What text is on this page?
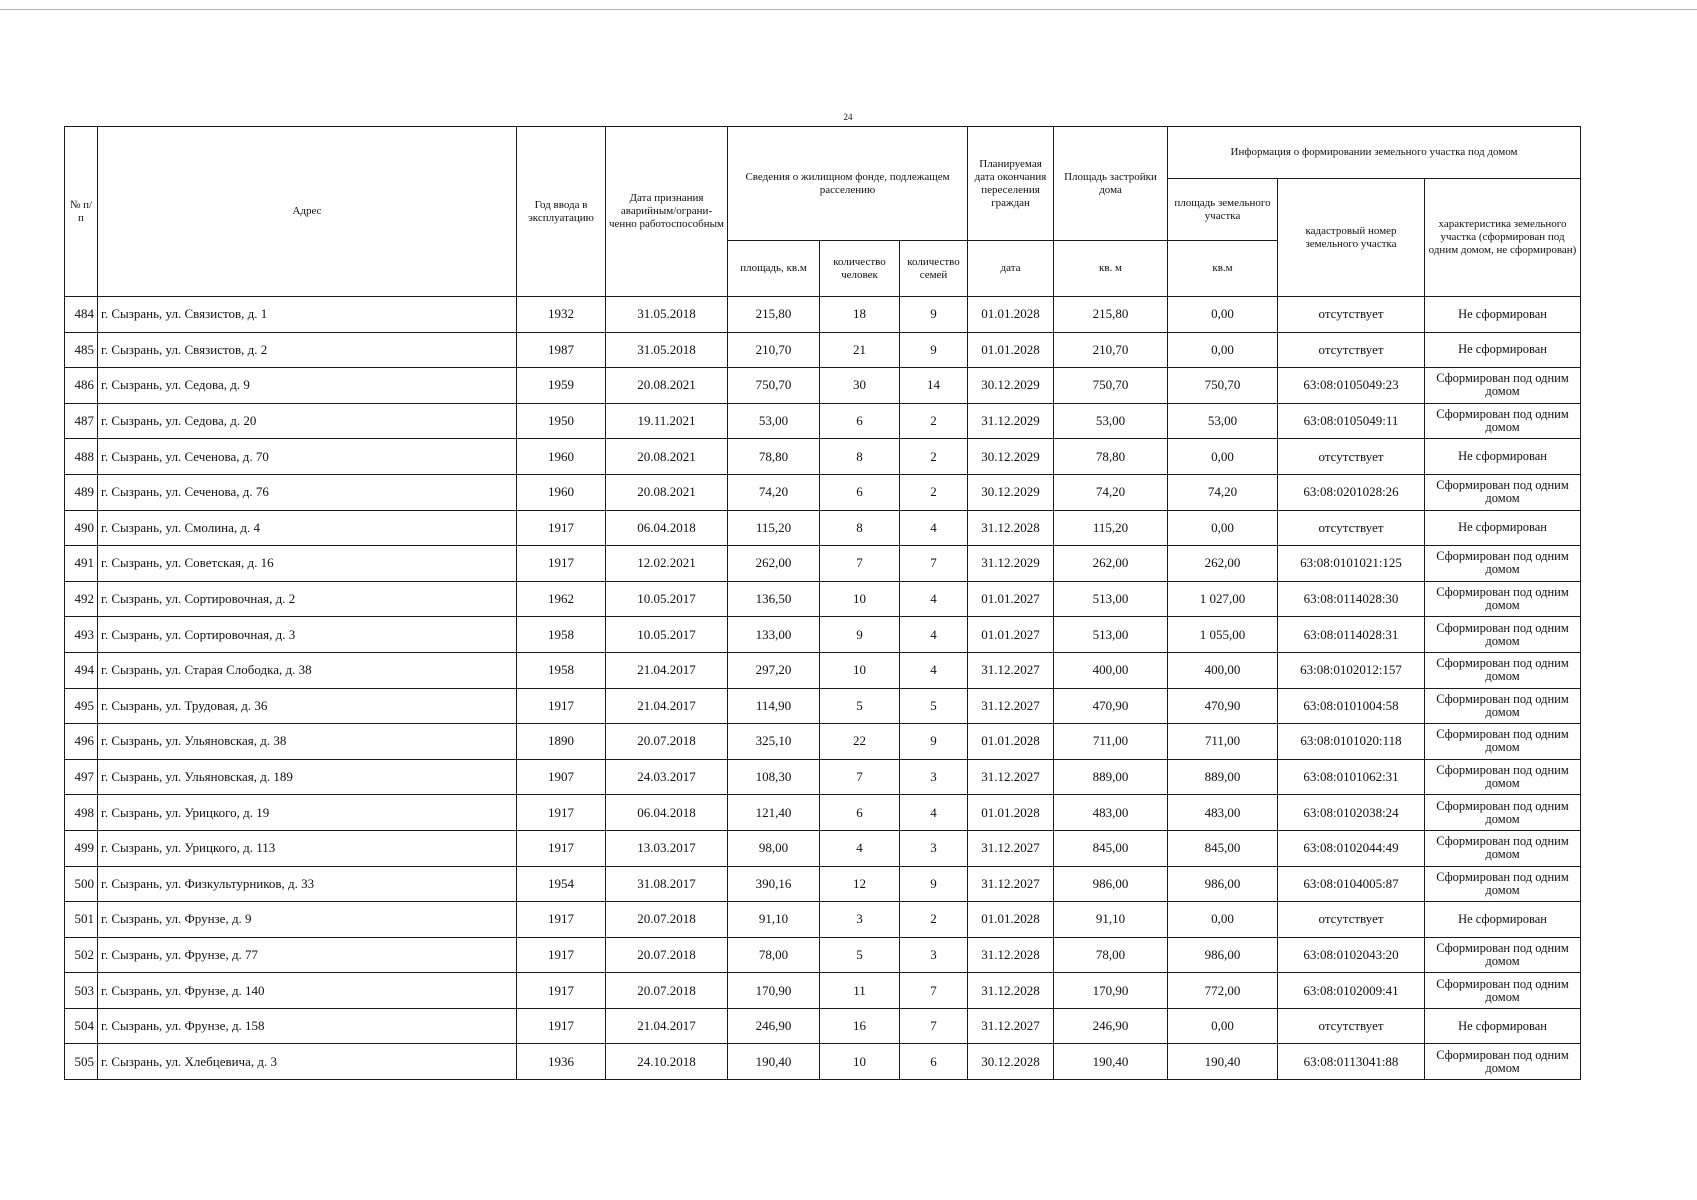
24
№ п/п	Адрес	Год ввода в эксплуатацию	Дата признания аварийным/ограни-ченно работоспособным	Сведения о жилищном фонде, подлежащем расселению			Планируемая дата окончания переселения граждан	Площадь застройки дома	Информация о формировании земельного участка под домом		
									площадь земельного участка	кадастровый номер земельного участка	характеристика земельного участка (сформирован под одним домом, не сформирован)
				площадь, кв.м	количество человек	количество семей	дата	кв. м	кв.м		
484	г. Сызрань, ул. Связистов, д. 1	1932	31.05.2018	215,80	18	9	01.01.2028	215,80	0,00	отсутствует	Не сформирован
485	г. Сызрань, ул. Связистов, д. 2	1987	31.05.2018	210,70	21	9	01.01.2028	210,70	0,00	отсутствует	Не сформирован
486	г. Сызрань, ул. Седова, д. 9	1959	20.08.2021	750,70	30	14	30.12.2029	750,70	750,70	63:08:0105049:23	Сформирован под одним домом
487	г. Сызрань, ул. Седова, д. 20	1950	19.11.2021	53,00	6	2	31.12.2029	53,00	53,00	63:08:0105049:11	Сформирован под одним домом
488	г. Сызрань, ул. Сеченова, д. 70	1960	20.08.2021	78,80	8	2	30.12.2029	78,80	0,00	отсутствует	Не сформирован
489	г. Сызрань, ул. Сеченова, д. 76	1960	20.08.2021	74,20	6	2	30.12.2029	74,20	74,20	63:08:0201028:26	Сформирован под одним домом
490	г. Сызрань, ул. Смолина, д. 4	1917	06.04.2018	115,20	8	4	31.12.2028	115,20	0,00	отсутствует	Не сформирован
491	г. Сызрань, ул. Советская, д. 16	1917	12.02.2021	262,00	7	7	31.12.2029	262,00	262,00	63:08:0101021:125	Сформирован под одним домом
492	г. Сызрань, ул. Сортировочная, д. 2	1962	10.05.2017	136,50	10	4	01.01.2027	513,00	1 027,00	63:08:0114028:30	Сформирован под одним домом
493	г. Сызрань, ул. Сортировочная, д. 3	1958	10.05.2017	133,00	9	4	01.01.2027	513,00	1 055,00	63:08:0114028:31	Сформирован под одним домом
494	г. Сызрань, ул. Старая Слободка, д. 38	1958	21.04.2017	297,20	10	4	31.12.2027	400,00	400,00	63:08:0102012:157	Сформирован под одним домом
495	г. Сызрань, ул. Трудовая, д. 36	1917	21.04.2017	114,90	5	5	31.12.2027	470,90	470,90	63:08:0101004:58	Сформирован под одним домом
496	г. Сызрань, ул. Ульяновская, д. 38	1890	20.07.2018	325,10	22	9	01.01.2028	711,00	711,00	63:08:0101020:118	Сформирован под одним домом
497	г. Сызрань, ул. Ульяновская, д. 189	1907	24.03.2017	108,30	7	3	31.12.2027	889,00	889,00	63:08:0101062:31	Сформирован под одним домом
498	г. Сызрань, ул. Урицкого, д. 19	1917	06.04.2018	121,40	6	4	01.01.2028	483,00	483,00	63:08:0102038:24	Сформирован под одним домом
499	г. Сызрань, ул. Урицкого, д. 113	1917	13.03.2017	98,00	4	3	31.12.2027	845,00	845,00	63:08:0102044:49	Сформирован под одним домом
500	г. Сызрань, ул. Физкультурников, д. 33	1954	31.08.2017	390,16	12	9	31.12.2027	986,00	986,00	63:08:0104005:87	Сформирован под одним домом
501	г. Сызрань, ул. Фрунзе, д. 9	1917	20.07.2018	91,10	3	2	01.01.2028	91,10	0,00	отсутствует	Не сформирован
502	г. Сызрань, ул. Фрунзе, д. 77	1917	20.07.2018	78,00	5	3	31.12.2028	78,00	986,00	63:08:0102043:20	Сформирован под одним домом
503	г. Сызрань, ул. Фрунзе, д. 140	1917	20.07.2018	170,90	11	7	31.12.2028	170,90	772,00	63:08:0102009:41	Сформирован под одним домом
504	г. Сызрань, ул. Фрунзе, д. 158	1917	21.04.2017	246,90	16	7	31.12.2027	246,90	0,00	отсутствует	Не сформирован
505	г. Сызрань, ул. Хлебцевича, д. 3	1936	24.10.2018	190,40	10	6	30.12.2028	190,40	190,40	63:08:0113041:88	Сформирован под одним домом
